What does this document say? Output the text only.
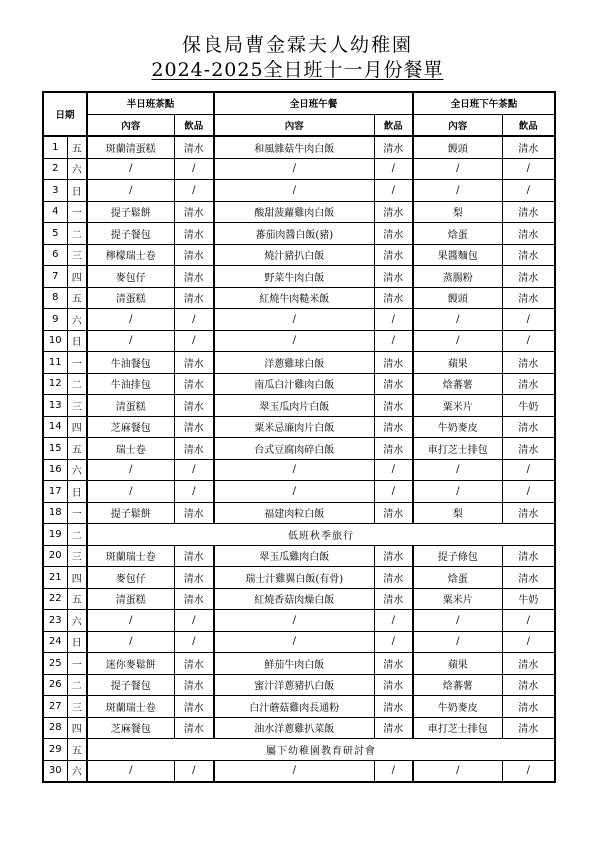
保良局曹金霖夫人幼稚園
2024-2025全日班十一月份餐單
日期		半日班茶點		全日班午餐		全日班下午茶點	
		內容	飲品	內容	飲品	內容	飲品
1	五	斑蘭清蛋糕	清水	和風雜菇牛肉白飯	清水	饅頭	清水
2	六	/	/	/	/	/	/
3	日	/	/	/	/	/	/
4	一	提子鬆餅	清水	酸甜菠蘿雞肉白飯	清水	梨	清水
5	二	提子餐包	清水	蕃茄肉醬白飯(豬)	清水	焓蛋	清水
6	三	檸檬瑞士卷	清水	燒汁豬扒白飯	清水	果醬麵包	清水
7	四	麥包仔	清水	野菜牛肉白飯	清水	蒸腸粉	清水
8	五	清蛋糕	清水	紅燒牛肉糙米飯	清水	饅頭	清水
9	六	/	/	/	/	/	/
10	日	/	/	/	/	/	/
11	一	牛油餐包	清水	洋蔥雞球白飯	清水	蘋果	清水
12	二	牛油排包	清水	南瓜白汁雞肉白飯	清水	焓蕃薯	清水
13	三	清蛋糕	清水	翠玉瓜肉片白飯	清水	粟米片	牛奶
14	四	芝麻餐包	清水	粟米忌廉肉片白飯	清水	牛奶麥皮	清水
15	五	瑞士卷	清水	台式豆腐肉碎白飯	清水	車打芝士排包	清水
16	六	/	/	/	/	/	/
17	日	/	/	/	/	/	/
18	一	提子鬆餅	清水	福建肉粒白飯	清水	梨	清水
19	二	低班秋季旅行					
20	三	斑蘭瑞士卷	清水	翠玉瓜雞肉白飯	清水	提子條包	清水
21	四	麥包仔	清水	瑞士汁雞翼白飯(有骨)	清水	焓蛋	清水
22	五	清蛋糕	清水	紅燒香菇肉燥白飯	清水	粟米片	牛奶
23	六	/	/	/	/	/	/
24	日	/	/	/	/	/	/
25	一	迷你麥鬆餅	清水	鮮茄牛肉白飯	清水	蘋果	清水
26	二	提子餐包	清水	蜜汁洋蔥豬扒白飯	清水	焓蕃薯	清水
27	三	斑蘭瑞士卷	清水	白汁蘑菇雞肉長通粉	清水	牛奶麥皮	清水
28	四	芝麻餐包	清水	油水洋蔥雞扒菜飯	清水	車打芝士排包	清水
29	五	屬下幼稚園教育研討會					
30	六	/	/	/	/	/	/
